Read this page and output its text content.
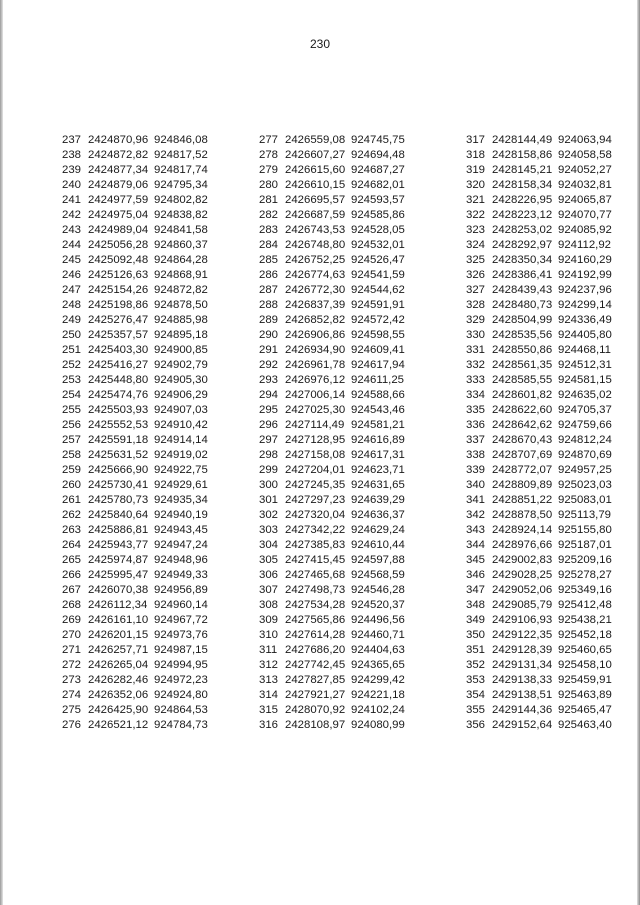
230
237 2424870,96 924846,08
238 2424872,82 924817,52
239 2424877,34 924817,74
240 2424879,06 924795,34
241 2424977,59 924802,82
242 2424975,04 924838,82
243 2424989,04 924841,58
244 2425056,28 924860,37
245 2425092,48 924864,28
246 2425126,63 924868,91
247 2425154,26 924872,82
248 2425198,86 924878,50
249 2425276,47 924885,98
250 2425357,57 924895,18
251 2425403,30 924900,85
252 2425416,27 924902,79
253 2425448,80 924905,30
254 2425474,76 924906,29
255 2425503,93 924907,03
256 2425552,53 924910,42
257 2425591,18 924914,14
258 2425631,52 924919,02
259 2425666,90 924922,75
260 2425730,41 924929,61
261 2425780,73 924935,34
262 2425840,64 924940,19
263 2425886,81 924943,45
264 2425943,77 924947,24
265 2425974,87 924948,96
266 2425995,47 924949,33
267 2426070,38 924956,89
268 2426112,34 924960,14
269 2426161,10 924967,72
270 2426201,15 924973,76
271 2426257,71 924987,15
272 2426265,04 924994,95
273 2426282,46 924972,23
274 2426352,06 924924,80
275 2426425,90 924864,53
276 2426521,12 924784,73
277 2426559,08 924745,75
278 2426607,27 924694,48
279 2426615,60 924687,27
280 2426610,15 924682,01
281 2426695,57 924593,57
282 2426687,59 924585,86
283 2426743,53 924528,05
284 2426748,80 924532,01
285 2426752,25 924526,47
286 2426774,63 924541,59
287 2426772,30 924544,62
288 2426837,39 924591,91
289 2426852,82 924572,42
290 2426906,86 924598,55
291 2426934,90 924609,41
292 2426961,78 924617,94
293 2426976,12 924611,25
294 2427006,14 924588,66
295 2427025,30 924543,46
296 2427114,49 924581,21
297 2427128,95 924616,89
298 2427158,08 924617,31
299 2427204,01 924623,71
300 2427245,35 924631,65
301 2427297,23 924639,29
302 2427320,04 924636,37
303 2427342,22 924629,24
304 2427385,83 924610,44
305 2427415,45 924597,88
306 2427465,68 924568,59
307 2427498,73 924546,28
308 2427534,28 924520,37
309 2427565,86 924496,56
310 2427614,28 924460,71
311 2427686,20 924404,63
312 2427742,45 924365,65
313 2427827,85 924299,42
314 2427921,27 924221,18
315 2428070,92 924102,24
316 2428108,97 924080,99
317 2428144,49 924063,94
318 2428158,86 924058,58
319 2428145,21 924052,27
320 2428158,34 924032,81
321 2428226,95 924065,87
322 2428223,12 924070,77
323 2428253,02 924085,92
324 2428292,97 924112,92
325 2428350,34 924160,29
326 2428386,41 924192,99
327 2428439,43 924237,96
328 2428480,73 924299,14
329 2428504,99 924336,49
330 2428535,56 924405,80
331 2428550,86 924468,11
332 2428561,35 924512,31
333 2428585,55 924581,15
334 2428601,82 924635,02
335 2428622,60 924705,37
336 2428642,62 924759,66
337 2428670,43 924812,24
338 2428707,69 924870,69
339 2428772,07 924957,25
340 2428809,89 925023,03
341 2428851,22 925083,01
342 2428878,50 925113,79
343 2428924,14 925155,80
344 2428976,66 925187,01
345 2429002,83 925209,16
346 2429028,25 925278,27
347 2429052,06 925349,16
348 2429085,79 925412,48
349 2429106,93 925438,21
350 2429122,35 925452,18
351 2429128,39 925460,65
352 2429131,34 925458,10
353 2429138,33 925459,91
354 2429138,51 925463,89
355 2429144,36 925465,47
356 2429152,64 925463,40
